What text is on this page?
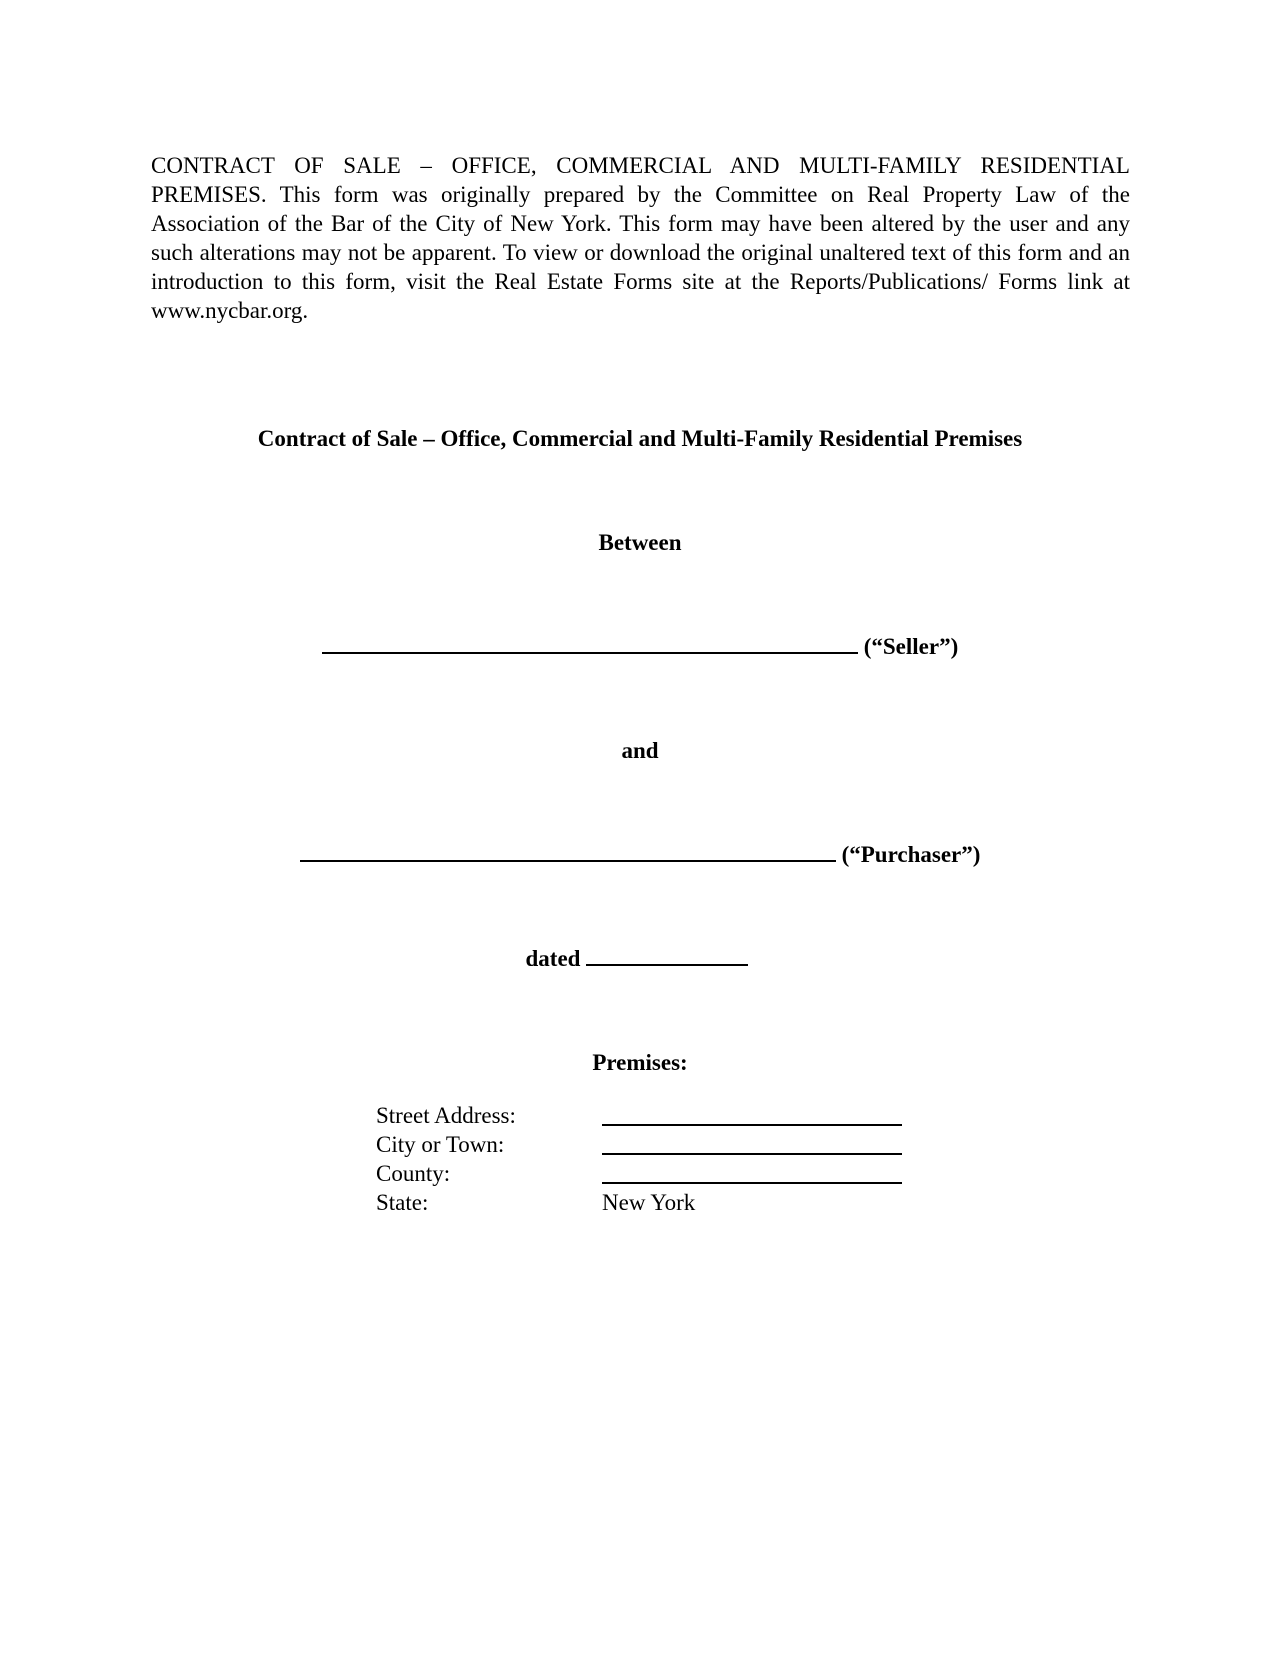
CONTRACT OF SALE – OFFICE, COMMERCIAL AND MULTI-FAMILY RESIDENTIAL PREMISES. This form was originally prepared by the Committee on Real Property Law of the Association of the Bar of the City of New York. This form may have been altered by the user and any such alterations may not be apparent. To view or download the original unaltered text of this form and an introduction to this form, visit the Real Estate Forms site at the Reports/Publications/ Forms link at www.nycbar.org.

Contract of Sale – Office, Commercial and Multi-Family Residential Premises

Between

(“Seller”)

and

(“Purchaser”)

dated

Premises:

Street Address:
City or Town:
County:
State:	New York
